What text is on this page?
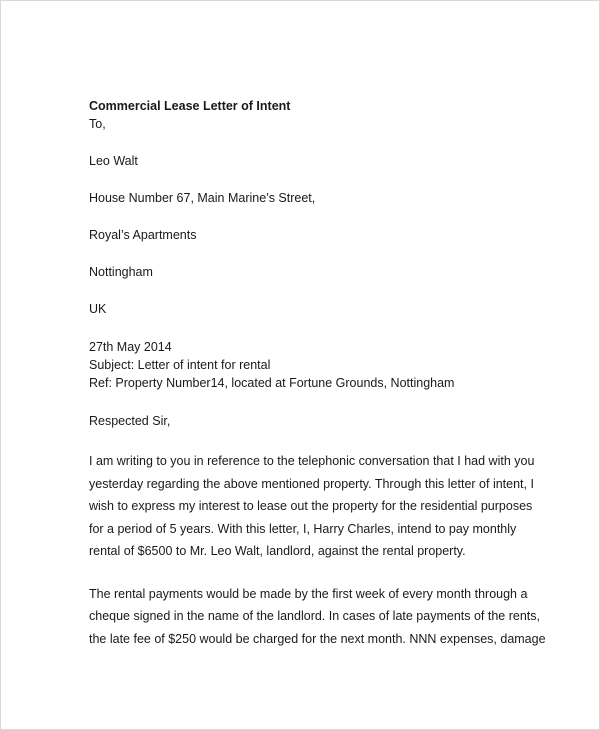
Commercial Lease Letter of Intent

To,

Leo Walt

House Number 67, Main Marine’s Street,

Royal’s Apartments

Nottingham

UK

27th May 2014

Subject: Letter of intent for rental

Ref: Property Number14, located at Fortune Grounds, Nottingham

Respected Sir,

I am writing to you in reference to the telephonic conversation that I had with you

yesterday regarding the above mentioned property. Through this letter of intent, I

wish to express my interest to lease out the property for the residential purposes

for a period of 5 years. With this letter, I, Harry Charles, intend to pay monthly

rental of $6500 to Mr. Leo Walt, landlord, against the rental property.

The rental payments would be made by the first week of every month through a

cheque signed in the name of the landlord. In cases of late payments of the rents,

the late fee of $250 would be charged for the next month. NNN expenses, damage
